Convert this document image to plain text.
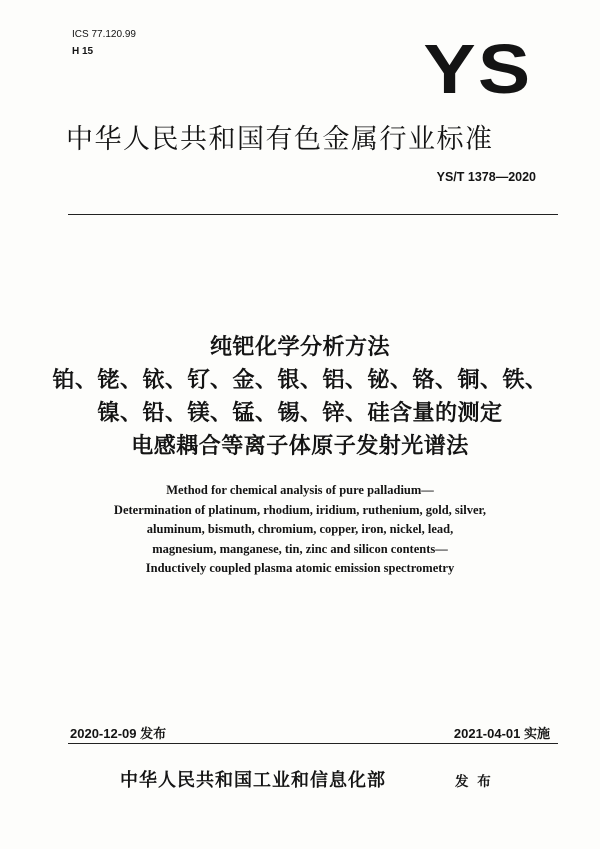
ICS 77.120.99
H 15	YS
中华人民共和国有色金属行业标准
YS/T 1378—2020
纯钯化学分析方法
铂、铑、铱、钌、金、银、铝、铋、铬、铜、铁、
镍、铅、镁、锰、锡、锌、硅含量的测定
电感耦合等离子体原子发射光谱法
Method for chemical analysis of pure palladium—
Determination of platinum, rhodium, iridium, ruthenium, gold, silver,
aluminum, bismuth, chromium, copper, iron, nickel, lead,
magnesium, manganese, tin, zinc and silicon contents—
Inductively coupled plasma atomic emission spectrometry
2020-12-09 发布	2021-04-01 实施
中华人民共和国工业和信息化部	发 布
